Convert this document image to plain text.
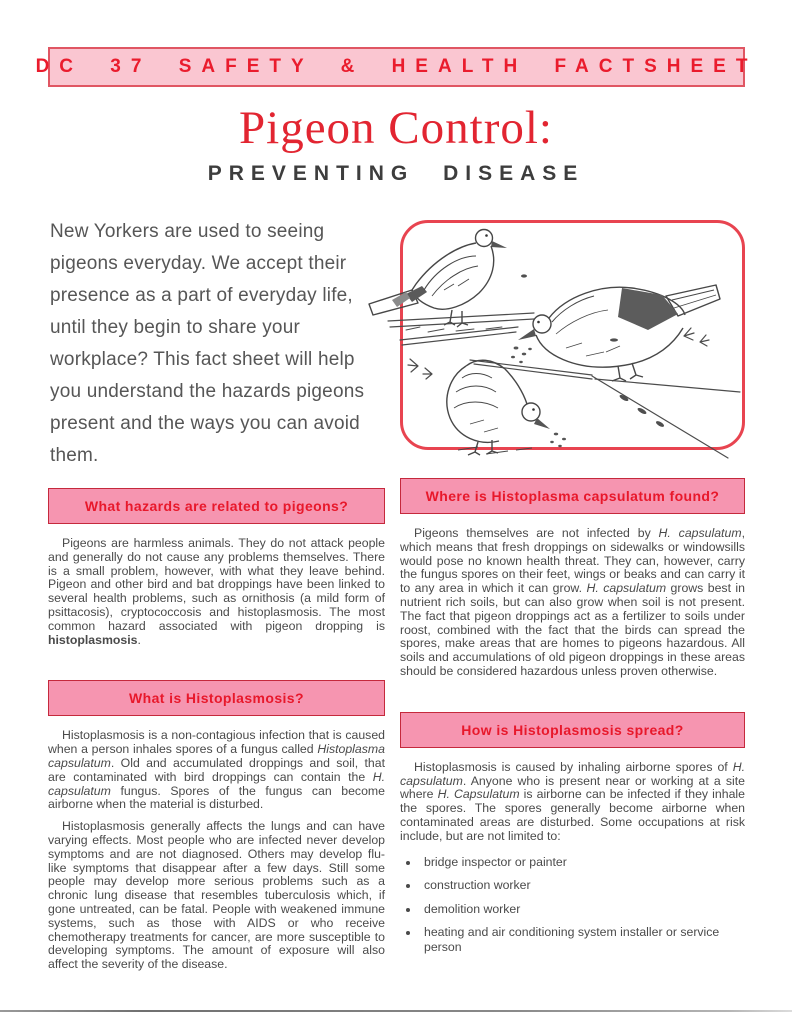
DC 37 SAFETY & HEALTH FACTSHEET
Pigeon Control:
PREVENTING DISEASE

New Yorkers are used to seeing pigeons everyday. We accept their presence as a part of everyday life, until they begin to share your workplace? This fact sheet will help you understand the hazards pigeons present and the ways you can avoid them.

What hazards are related to pigeons?

Pigeons are harmless animals. They do not attack people and generally do not cause any problems themselves. There is a small problem, however, with what they leave behind. Pigeon and other bird and bat droppings have been linked to several health problems, such as ornithosis (a mild form of psittacosis), cryptococcosis and histoplasmosis. The most common hazard associated with pigeon dropping is histoplasmosis.

What is Histoplasmosis?

Histoplasmosis is a non-contagious infection that is caused when a person inhales spores of a fungus called Histoplasma capsulatum. Old and accumulated droppings and soil, that are contaminated with bird droppings can contain the H. capsulatum fungus. Spores of the fungus can become airborne when the material is disturbed.

Histoplasmosis generally affects the lungs and can have varying effects. Most people who are infected never develop symptoms and are not diagnosed. Others may develop flu-like symptoms that disappear after a few days. Still some people may develop more serious problems such as a chronic lung disease that resembles tuberculosis which, if gone untreated, can be fatal. People with weakened immune systems, such as those with AIDS or who receive chemotherapy treatments for cancer, are more susceptible to developing symptoms. The amount of exposure will also affect the severity of the disease.

Where is Histoplasma capsulatum found?

Pigeons themselves are not infected by H. capsulatum, which means that fresh droppings on sidewalks or windowsills would pose no known health threat. They can, however, carry the fungus spores on their feet, wings or beaks and can carry it to any area in which it can grow. H. capsulatum grows best in nutrient rich soils, but can also grow when soil is not present. The fact that pigeon droppings act as a fertilizer to soils under roost, combined with the fact that the birds can spread the spores, make areas that are homes to pigeons hazardous. All soils and accumulations of old pigeon droppings in these areas should be considered hazardous unless proven otherwise.

How is Histoplasmosis spread?

Histoplasmosis is caused by inhaling airborne spores of H. capsulatum. Anyone who is present near or working at a site where H. Capsulatum is airborne can be infected if they inhale the spores. The spores generally become airborne when contaminated areas are disturbed. Some occupations at risk include, but are not limited to:

• bridge inspector or painter
• construction worker
• demolition worker
• heating and air conditioning system installer or service person
